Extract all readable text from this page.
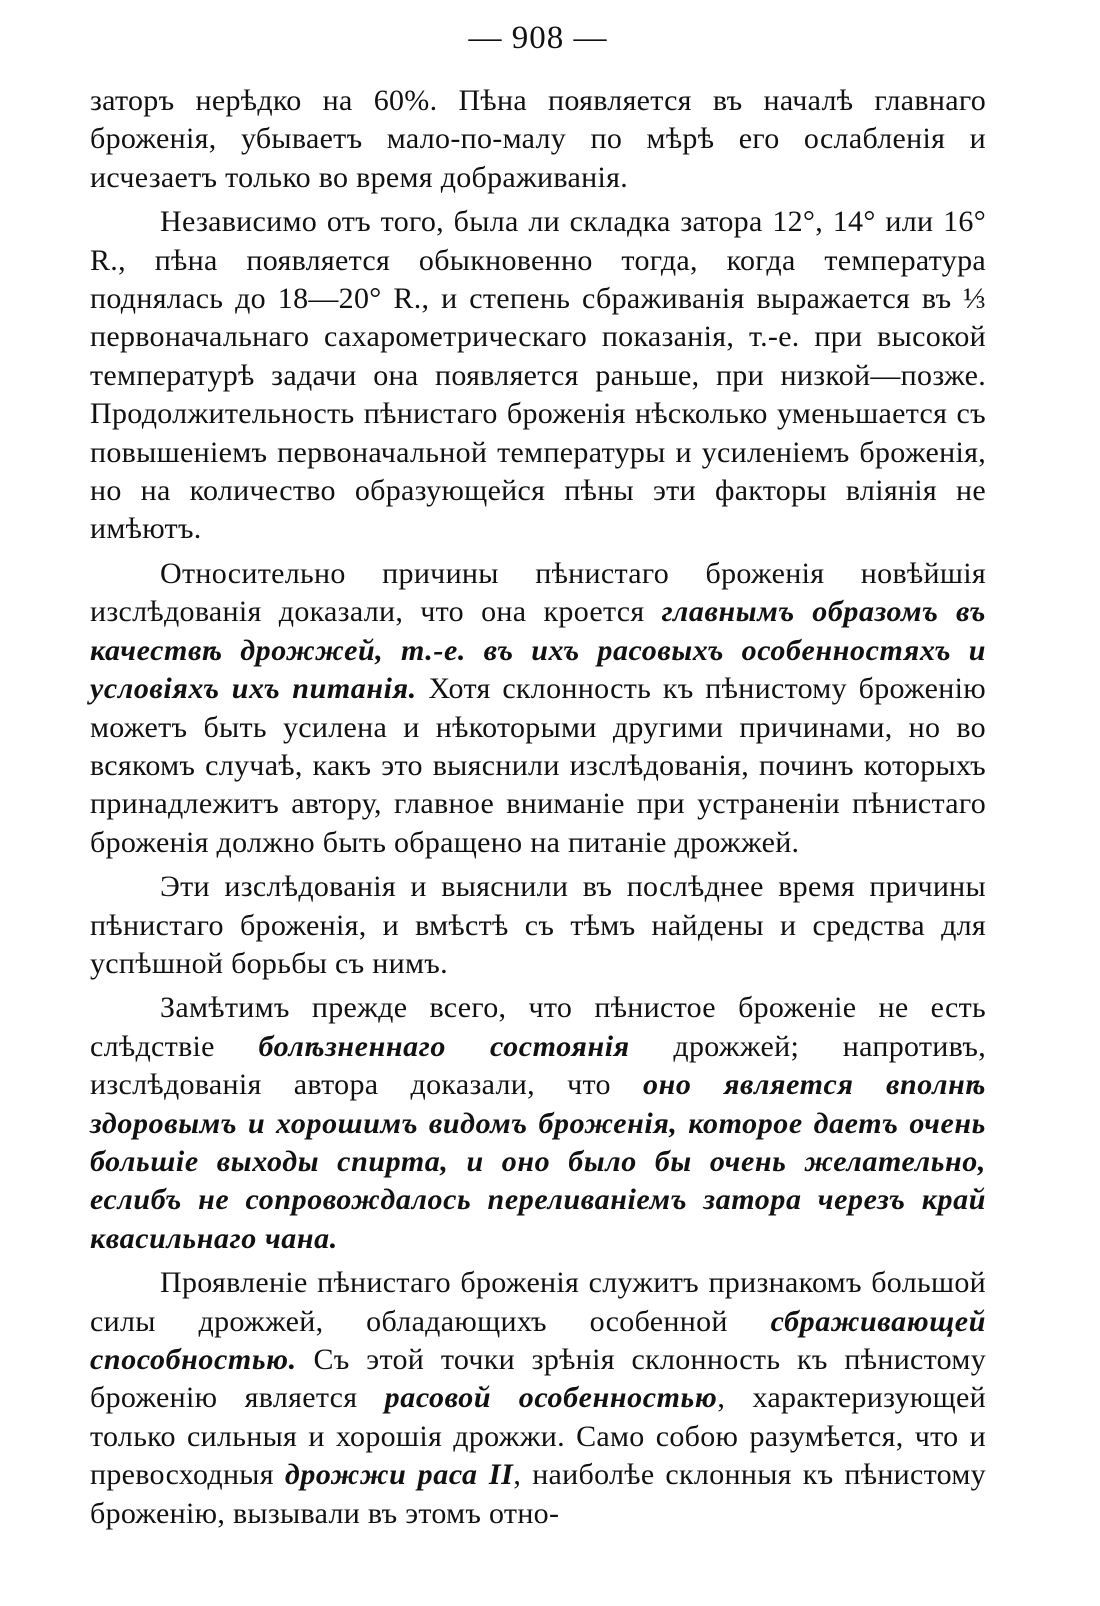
— 908 —

заторъ нерѣдко на 60%. Пѣна появляется въ началѣ главнаго броженія, убываетъ мало-по-малу по мѣрѣ его ослабленія и исчезаетъ только во время дображиванія.

Независимо отъ того, была ли складка затора 12°, 14° или 16° R., пѣна появляется обыкновенно тогда, когда температура поднялась до 18—20° R., и степень сбраживанія выражается въ ⅓ первоначальнаго сахарометрическаго показанія, т.-е. при высокой температурѣ задачи она появляется раньше, при низкой—позже. Продолжительность пѣнистаго броженія нѣсколько уменьшается съ повышеніемъ первоначальной температуры и усиленіемъ броженія, но на количество образующейся пѣны эти факторы вліянія не имѣютъ.

Относительно причины пѣнистаго броженія новѣйшія изслѣдованія доказали, что она кроется главнымъ образомъ въ качествѣ дрожжей, т.-е. въ ихъ расовыхъ особенностяхъ и условіяхъ ихъ питанія. Хотя склонность къ пѣнистому броженію можетъ быть усилена и нѣкоторыми другими причинами, но во всякомъ случаѣ, какъ это выяснили изслѣдованія, починъ которыхъ принадлежитъ автору, главное вниманіе при устраненіи пѣнистаго броженія должно быть обращено на питаніе дрожжей.

Эти изслѣдованія и выяснили въ послѣднее время причины пѣнистаго броженія, и вмѣстѣ съ тѣмъ найдены и средства для успѣшной борьбы съ нимъ.

Замѣтимъ прежде всего, что пѣнистое броженіе не есть слѣдствіе болѣзненнаго состоянія дрожжей; напротивъ, изслѣдованія автора доказали, что оно является вполнѣ здоровымъ и хорошимъ видомъ броженія, которое даетъ очень большіе выходы спирта, и оно было бы очень желательно, еслибъ не сопровождалось переливаніемъ затора черезъ край квасильнаго чана.

Проявленіе пѣнистаго броженія служитъ признакомъ большой силы дрожжей, обладающихъ особенной сбраживающей способностью. Съ этой точки зрѣнія склонность къ пѣнистому броженію является расовой особенностью, характеризующей только сильныя и хорошія дрожжи. Само собою разумѣется, что и превосходныя дрожжи раса II, наиболѣе склонныя къ пѣнистому броженію, вызывали въ этомъ отно-
